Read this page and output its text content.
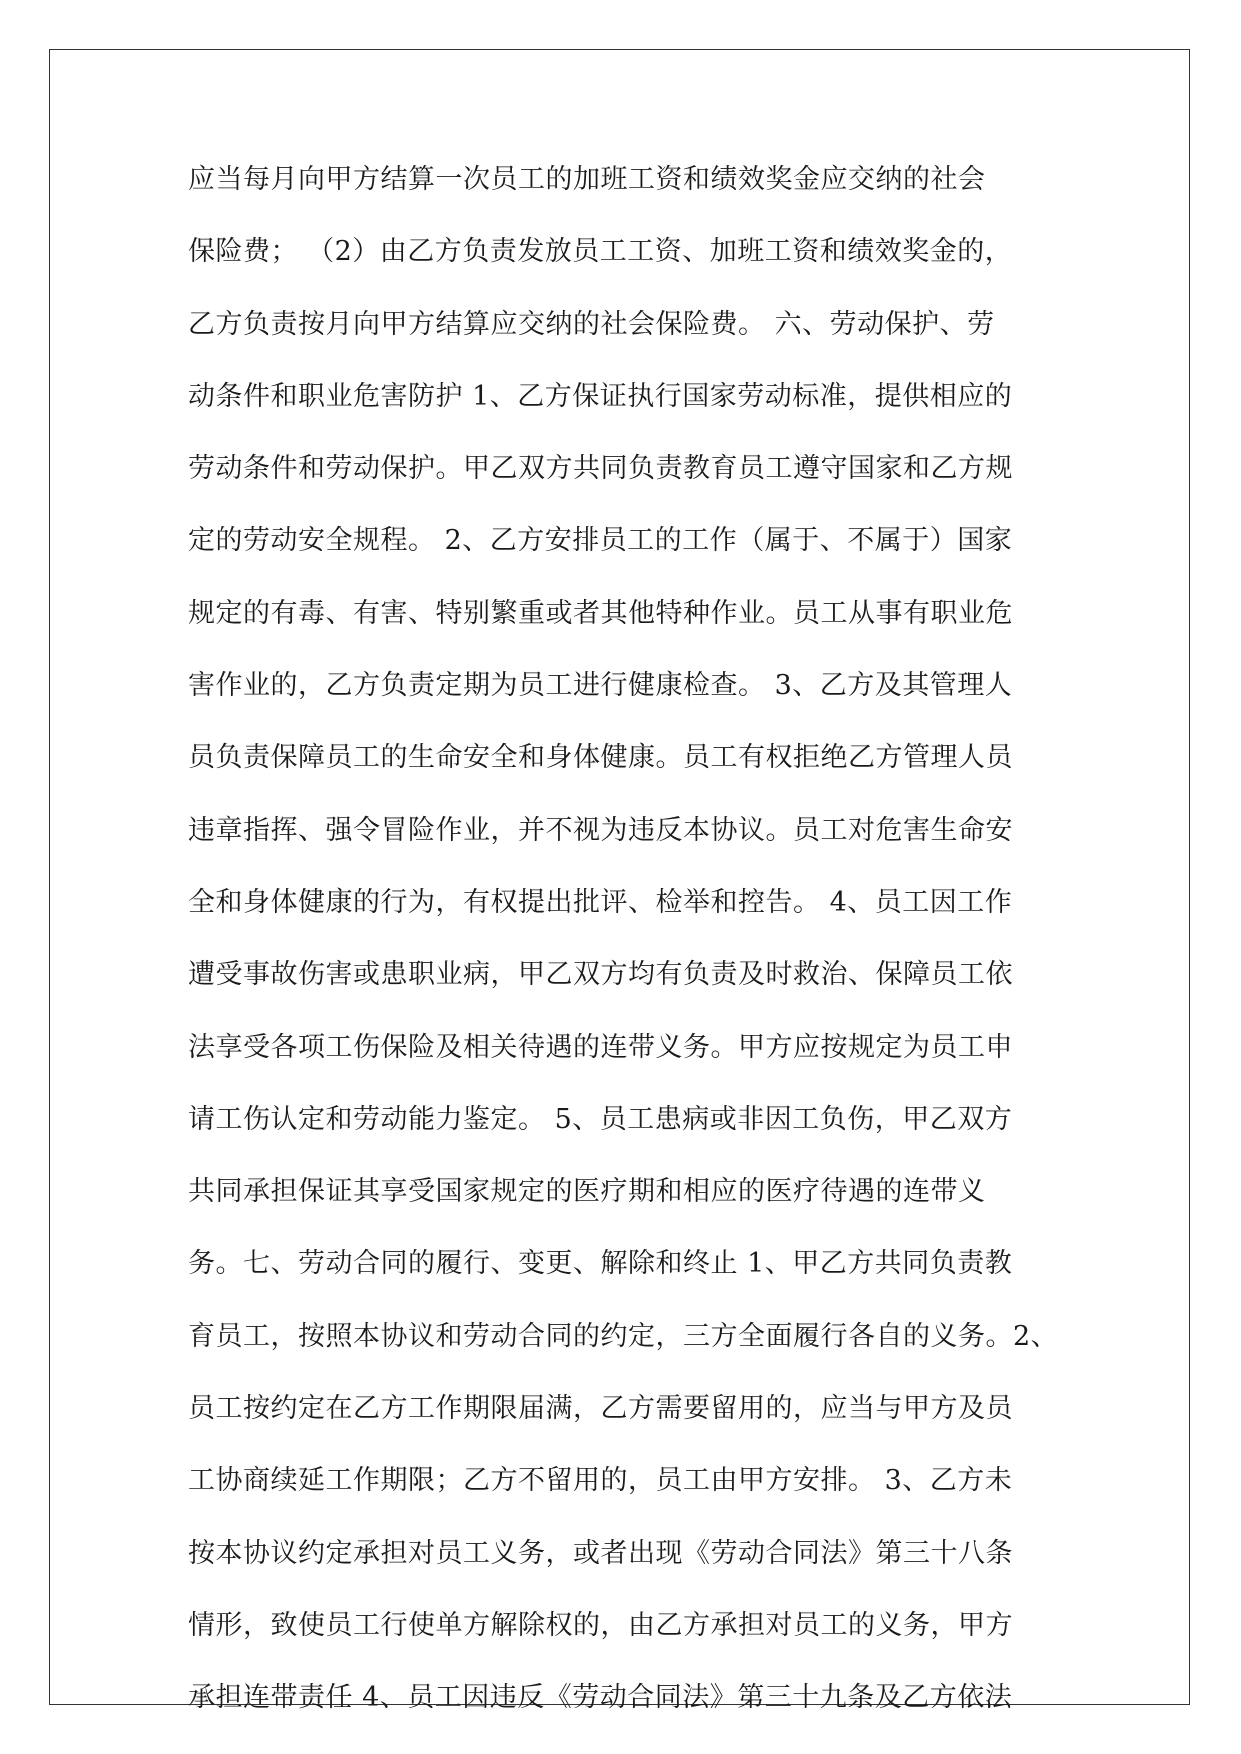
应当每月向甲方结算一次员工的加班工资和绩效奖金应交纳的社会
保险费； （2）由乙方负责发放员工工资、加班工资和绩效奖金的，
乙方负责按月向甲方结算应交纳的社会保险费。 六、劳动保护、劳
动条件和职业危害防护 1、乙方保证执行国家劳动标准，提供相应的
劳动条件和劳动保护。甲乙双方共同负责教育员工遵守国家和乙方规
定的劳动安全规程。 2、乙方安排员工的工作（属于、不属于）国家
规定的有毒、有害、特别繁重或者其他特种作业。员工从事有职业危
害作业的，乙方负责定期为员工进行健康检查。 3、乙方及其管理人
员负责保障员工的生命安全和身体健康。员工有权拒绝乙方管理人员
违章指挥、强令冒险作业，并不视为违反本协议。员工对危害生命安
全和身体健康的行为，有权提出批评、检举和控告。 4、员工因工作
遭受事故伤害或患职业病，甲乙双方均有负责及时救治、保障员工依
法享受各项工伤保险及相关待遇的连带义务。甲方应按规定为员工申
请工伤认定和劳动能力鉴定。 5、员工患病或非因工负伤，甲乙双方
共同承担保证其享受国家规定的医疗期和相应的医疗待遇的连带义
务。七、劳动合同的履行、变更、解除和终止 1、甲乙方共同负责教
育员工，按照本协议和劳动合同的约定，三方全面履行各自的义务。2、
员工按约定在乙方工作期限届满，乙方需要留用的，应当与甲方及员
工协商续延工作期限；乙方不留用的，员工由甲方安排。 3、乙方未
按本协议约定承担对员工义务，或者出现《劳动合同法》第三十八条
情形，致使员工行使单方解除权的，由乙方承担对员工的义务，甲方
承担连带责任 4、员工因违反《劳动合同法》第三十九条及乙方依法
